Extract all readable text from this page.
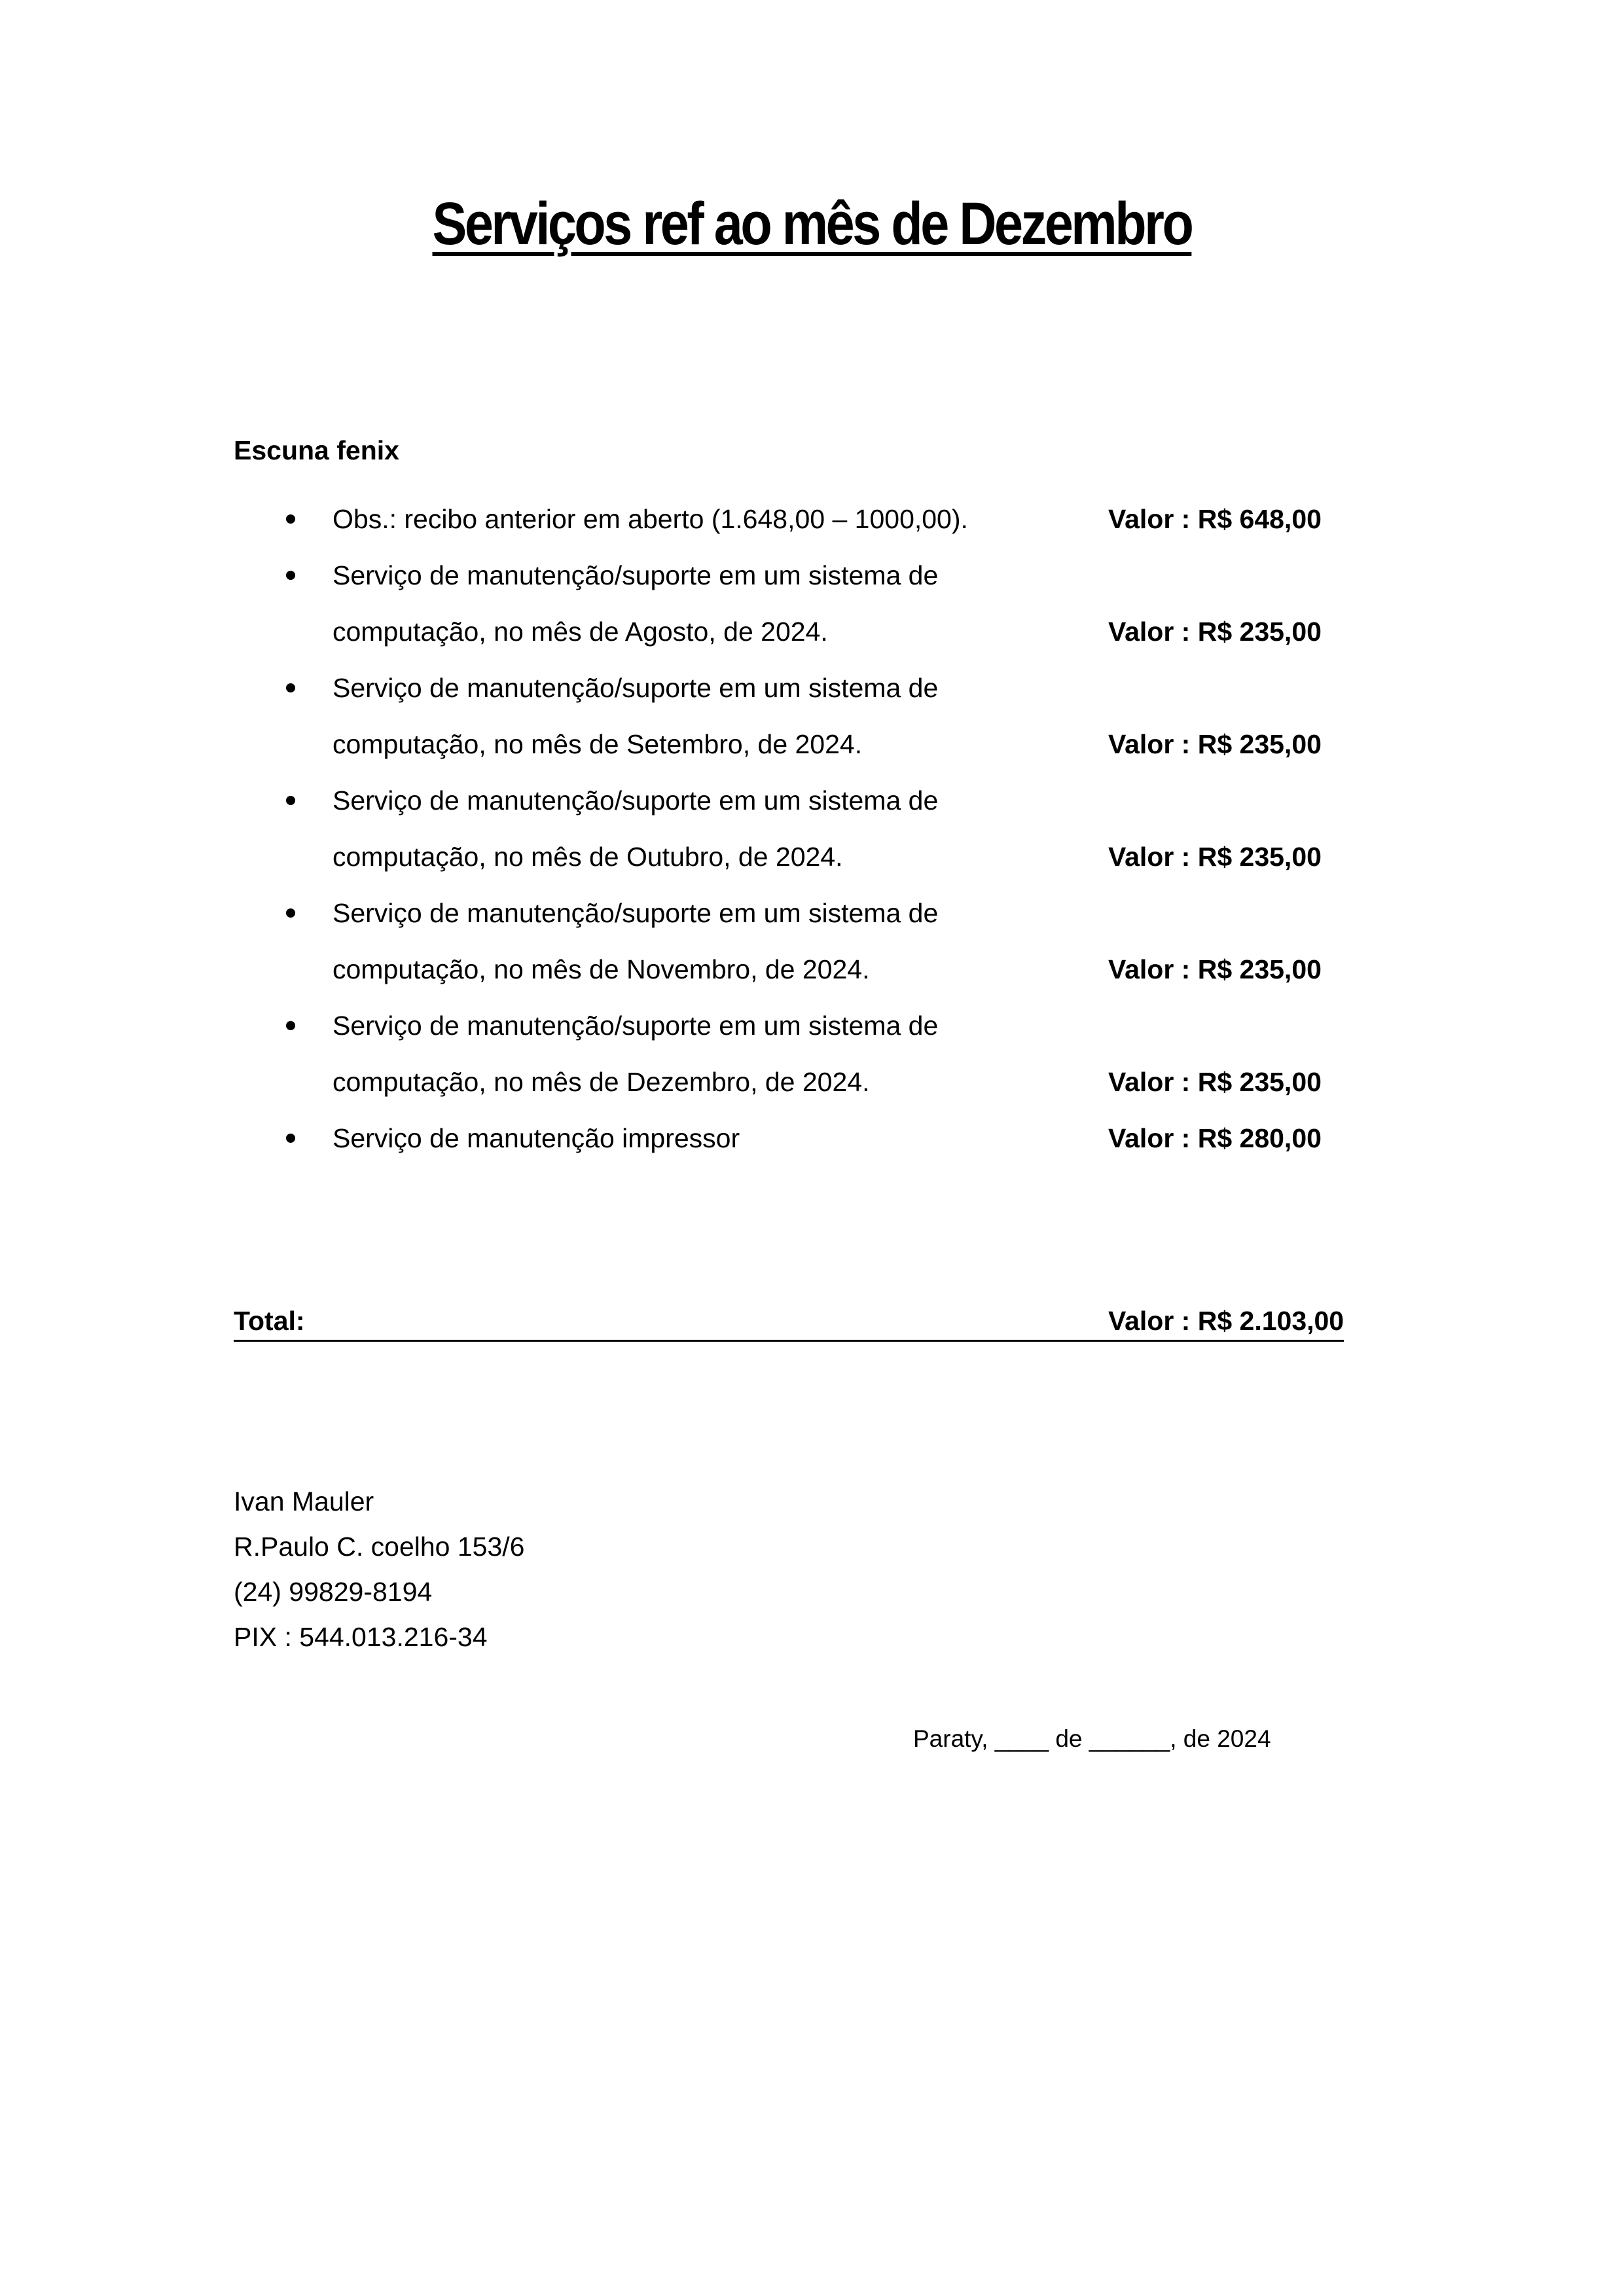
Serviços ref ao mês de Dezembro
Escuna fenix
Obs.: recibo anterior em aberto (1.648,00 – 1000,00).	Valor : R$ 648,00
Serviço de manutenção/suporte em um sistema de
computação, no mês de Agosto, de 2024.	Valor : R$ 235,00
Serviço de manutenção/suporte em um sistema de
computação, no mês de Setembro, de 2024.	Valor : R$ 235,00
Serviço de manutenção/suporte em um sistema de
computação, no mês de Outubro, de 2024.	Valor : R$ 235,00
Serviço de manutenção/suporte em um sistema de
computação, no mês de Novembro, de 2024.	Valor : R$ 235,00
Serviço de manutenção/suporte em um sistema de
computação, no mês de Dezembro, de 2024.	Valor : R$ 235,00
Serviço de manutenção impressor	Valor : R$ 280,00
Total:	Valor : R$ 2.103,00
Ivan Mauler
R.Paulo C. coelho 153/6
(24) 99829-8194
PIX : 544.013.216-34
Paraty, ____ de ______, de 2024
